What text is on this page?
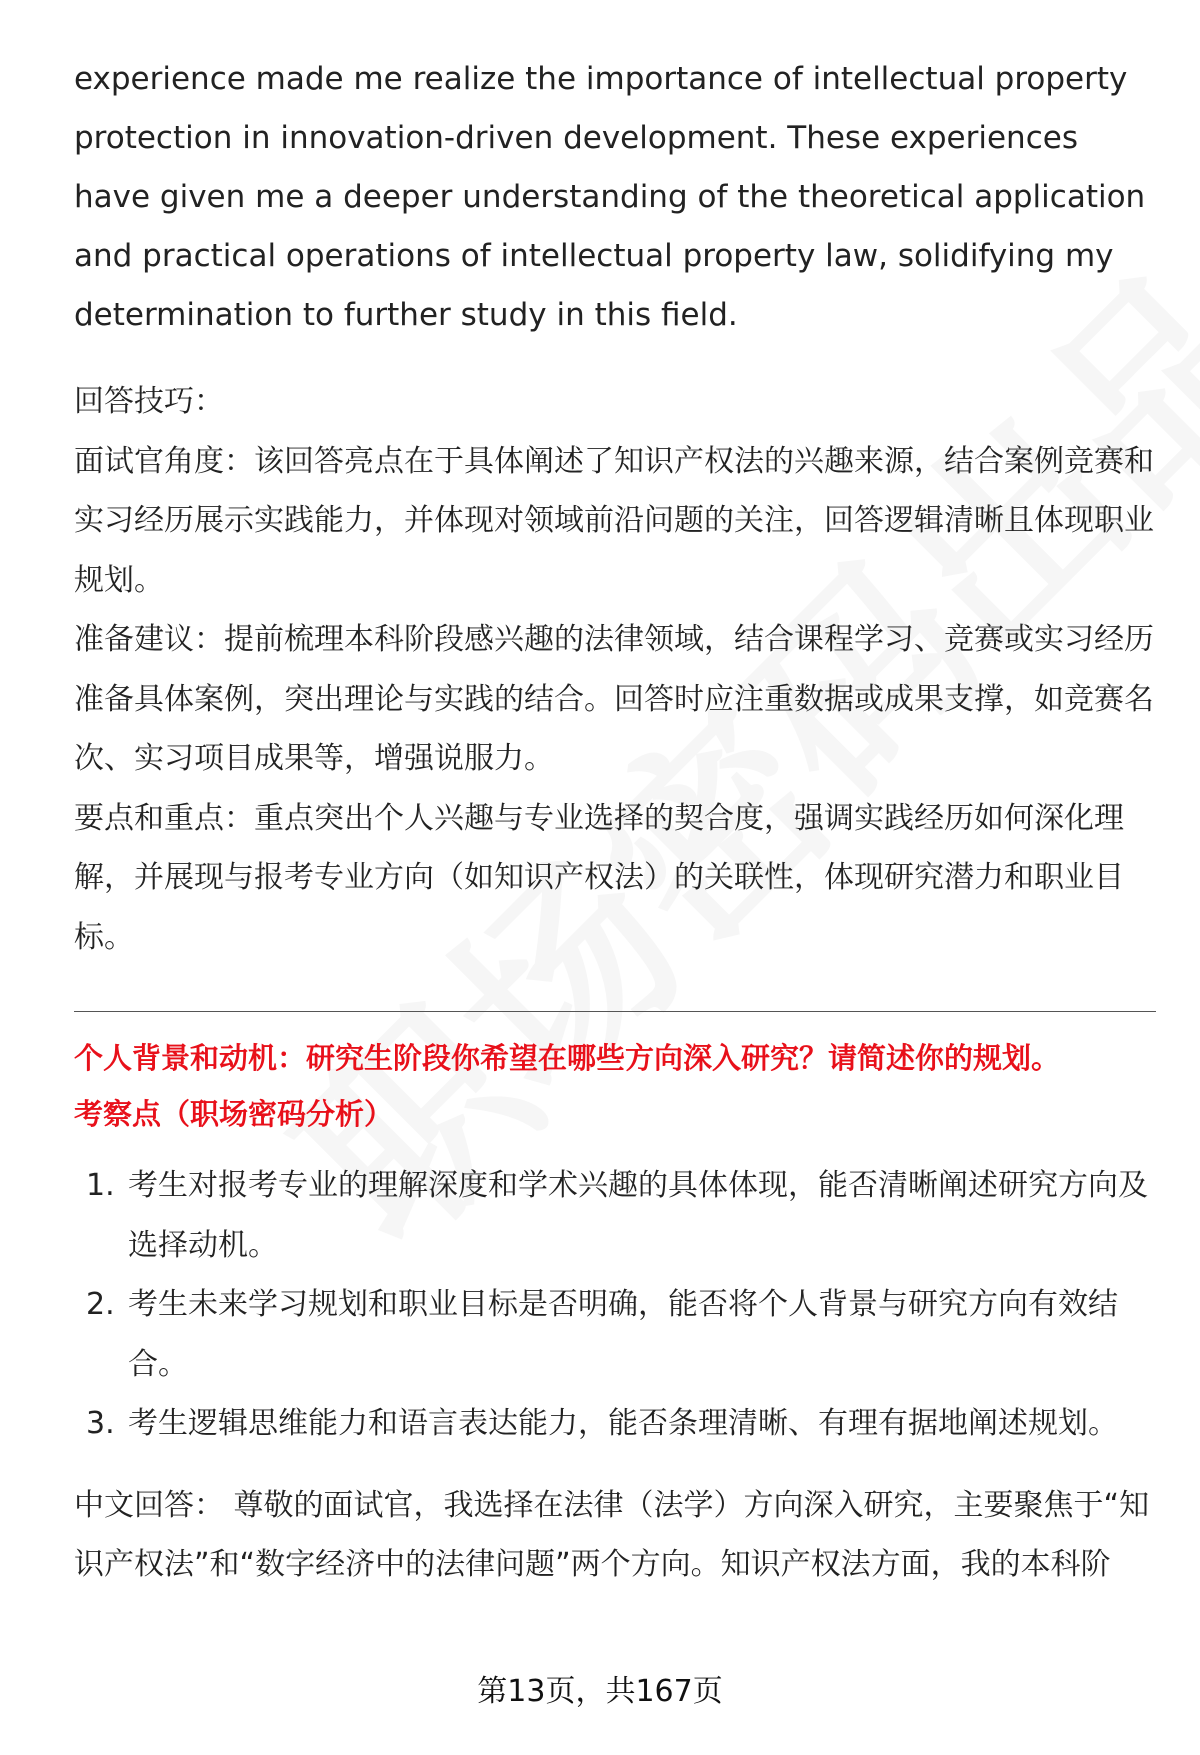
experience made me realize the importance of intellectual property protection in innovation-driven development. These experiences have given me a deeper understanding of the theoretical application and practical operations of intellectual property law, solidifying my determination to further study in this field.

回答技巧：

面试官角度：该回答亮点在于具体阐述了知识产权法的兴趣来源，结合案例竞赛和实习经历展示实践能力，并体现对领域前沿问题的关注，回答逻辑清晰且体现职业规划。

准备建议：提前梳理本科阶段感兴趣的法律领域，结合课程学习、竞赛或实习经历准备具体案例，突出理论与实践的结合。回答时应注重数据或成果支撑，如竞赛名次、实习项目成果等，增强说服力。

要点和重点：重点突出个人兴趣与专业选择的契合度，强调实践经历如何深化理解，并展现与报考专业方向（如知识产权法）的关联性，体现研究潜力和职业目标。

个人背景和动机：研究生阶段你希望在哪些方向深入研究？请简述你的规划。

考察点（职场密码分析）

1. 考生对报考专业的理解深度和学术兴趣的具体体现，能否清晰阐述研究方向及选择动机。
2. 考生未来学习规划和职业目标是否明确，能否将个人背景与研究方向有效结合。
3. 考生逻辑思维能力和语言表达能力，能否条理清晰、有理有据地阐述规划。

中文回答： 尊敬的面试官，我选择在法律（法学）方向深入研究，主要聚焦于“知识产权法”和“数字经济中的法律问题”两个方向。知识产权法方面，我的本科阶

第13页，共167页
